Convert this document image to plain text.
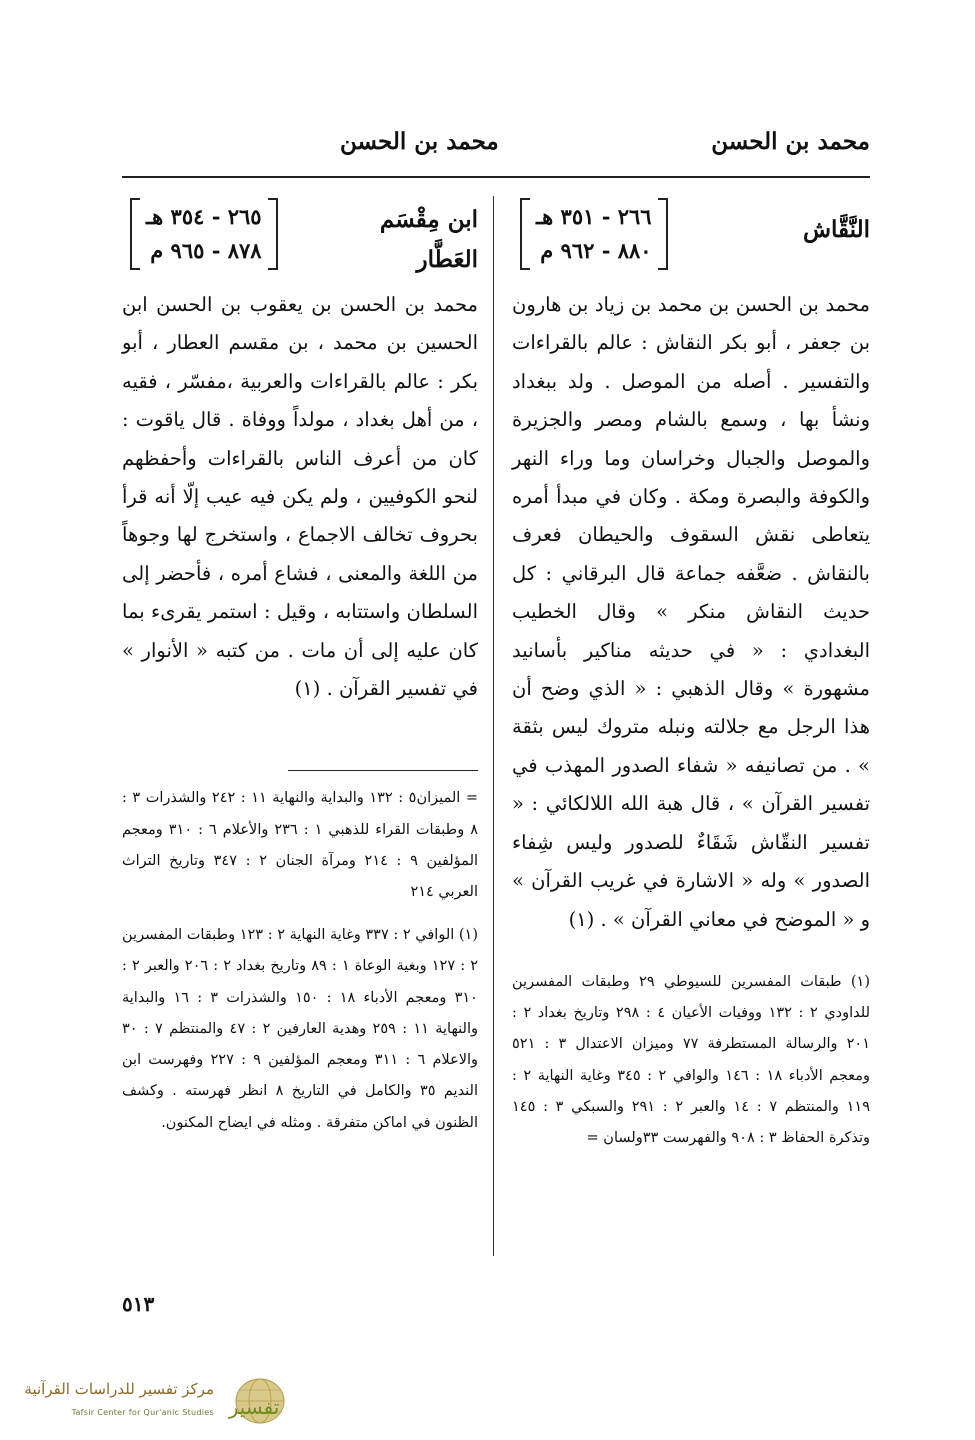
محمد بن الحسن
محمد بن الحسن
النَّقَّاش
٢٦٦ - ٣٥١ هـ
٨٨٠ - ٩٦٢ م

محمد بن الحسن بن محمد بن زياد بن هارون بن جعفر ، أبو بكر النقاش : عالم بالقراءات والتفسير . أصله من الموصل . ولد ببغداد ونشأ بها ، وسمع بالشام ومصر والجزيرة والموصل والجبال وخراسان وما وراء النهر والكوفة والبصرة ومكة . وكان في مبدأ أمره يتعاطى نقش السقوف والحيطان فعرف بالنقاش . ضعَّفه جماعة قال البرقاني : كل حديث النقاش منكر » وقال الخطيب البغدادي : « في حديثه مناكير بأسانيد مشهورة » وقال الذهبي : « الذي وضح أن هذا الرجل مع جلالته ونبله متروك ليس بثقة » . من تصانيفه « شفاء الصدور المهذب في تفسير القرآن » ، قال هبة الله اللالكائي : « تفسير النقّاش شَقَاءٌ للصدور وليس شِفاء الصدور » وله « الاشارة في غريب القرآن » و « الموضح في معاني القرآن » . (١)

(١) طبقات المفسرين للسيوطي ٢٩ وطبقات المفسرين للداودي ٢ : ١٣٢ ووفيات الأعيان ٤ : ٢٩٨ وتاريخ بغداد ٢ : ٢٠١ والرسالة المستطرفة ٧٧ وميزان الاعتدال ٣ : ٥٢١ ومعجم الأدباء ١٨ : ١٤٦ والوافي ٢ : ٣٤٥ وغاية النهاية ٢ : ١١٩ والمنتظم ٧ : ١٤ والعبر ٢ : ٢٩١ والسبكي ٣ : ١٤٥ وتذكرة الحفاظ ٣ : ٩٠٨ والفهرست ٣٣ولسان =

ابن مِقْسَم
العَطَّار
٢٦٥ - ٣٥٤ هـ
٨٧٨ - ٩٦٥ م

محمد بن الحسن بن يعقوب بن الحسن ابن الحسين بن محمد ، بن مقسم العطار ، أبو بكر : عالم بالقراءات والعربية ،مفسّر ، فقيه ، من أهل بغداد ، مولداً ووفاة . قال ياقوت : كان من أعرف الناس بالقراءات وأحفظهم لنحو الكوفيين ، ولم يكن فيه عيب إلّا أنه قرأ بحروف تخالف الاجماع ، واستخرج لها وجوهاً من اللغة والمعنى ، فشاع أمره ، فأحضر إلى السلطان واستتابه ، وقيل : استمر يقرىء بما كان عليه إلى أن مات . من كتبه « الأنوار » في تفسير القرآن . (١)

= الميزان٥ : ١٣٢ والبداية والنهاية ١١ : ٢٤٢ والشذرات ٣ : ٨ وطبقات القراء للذهبي ١ : ٢٣٦ والأعلام ٦ : ٣١٠ ومعجم المؤلفين ٩ : ٢١٤ ومرآة الجنان ٢ : ٣٤٧ وتاريخ التراث العربي ٢١٤

(١) الوافي ٢ : ٣٣٧ وغاية النهاية ٢ : ١٢٣ وطبقات المفسرين ٢ : ١٢٧ وبغية الوعاة ١ : ٨٩ وتاريخ بغداد ٢ : ٢٠٦ والعبر ٢ : ٣١٠ ومعجم الأدباء ١٨ : ١٥٠ والشذرات ٣ : ١٦ والبداية والنهاية ١١ : ٢٥٩ وهدية العارفين ٢ : ٤٧ والمنتظم ٧ : ٣٠ والاعلام ٦ : ٣١١ ومعجم المؤلفين ٩ : ٢٢٧ وفهرست ابن النديم ٣٥ والكامل في التاريخ ٨ انظر فهرسته . وكشف الظنون في اماكن متفرقة . ومثله في ايضاح المكنون.

٥١٣
تفسير
مركز تفسير للدراسات القرآنية
Tafsir Center for Qur'anic Studies
